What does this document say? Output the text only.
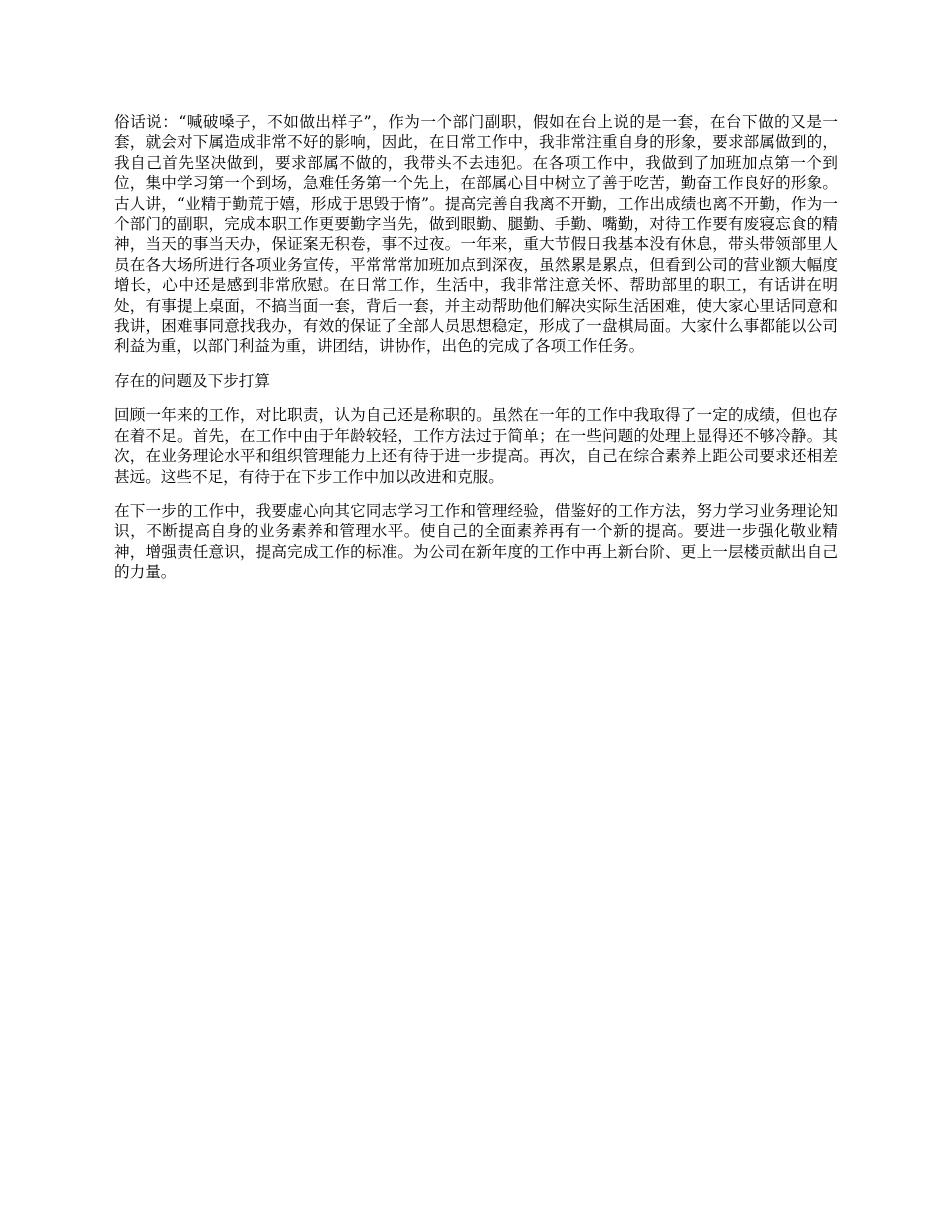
俗话说：“喊破嗓子，不如做出样子”，作为一个部门副职，假如在台上说的是一套，在台下做的又是一套，就会对下属造成非常不好的影响，因此，在日常工作中，我非常注重自身的形象，要求部属做到的，我自己首先坚决做到，要求部属不做的，我带头不去违犯。在各项工作中，我做到了加班加点第一个到位，集中学习第一个到场，急难任务第一个先上，在部属心目中树立了善于吃苦，勤奋工作良好的形象。古人讲，“业精于勤荒于嬉，形成于思毁于惰”。提高完善自我离不开勤，工作出成绩也离不开勤，作为一个部门的副职，完成本职工作更要勤字当先，做到眼勤、腿勤、手勤、嘴勤，对待工作要有废寝忘食的精神，当天的事当天办，保证案无积卷，事不过夜。一年来，重大节假日我基本没有休息，带头带领部里人员在各大场所进行各项业务宣传，平常常常加班加点到深夜，虽然累是累点，但看到公司的营业额大幅度增长，心中还是感到非常欣慰。在日常工作，生活中，我非常注意关怀、帮助部里的职工，有话讲在明处，有事提上桌面，不搞当面一套，背后一套，并主动帮助他们解决实际生活困难，使大家心里话同意和我讲，困难事同意找我办，有效的保证了全部人员思想稳定，形成了一盘棋局面。大家什么事都能以公司利益为重，以部门利益为重，讲团结，讲协作，出色的完成了各项工作任务。

存在的问题及下步打算

回顾一年来的工作，对比职责，认为自己还是称职的。虽然在一年的工作中我取得了一定的成绩，但也存在着不足。首先，在工作中由于年龄较轻，工作方法过于简单；在一些问题的处理上显得还不够冷静。其次，在业务理论水平和组织管理能力上还有待于进一步提高。再次，自己在综合素养上距公司要求还相差甚远。这些不足，有待于在下步工作中加以改进和克服。

在下一步的工作中，我要虚心向其它同志学习工作和管理经验，借鉴好的工作方法，努力学习业务理论知识，不断提高自身的业务素养和管理水平。使自己的全面素养再有一个新的提高。要进一步强化敬业精神，增强责任意识，提高完成工作的标准。为公司在新年度的工作中再上新台阶、更上一层楼贡献出自己的力量。
